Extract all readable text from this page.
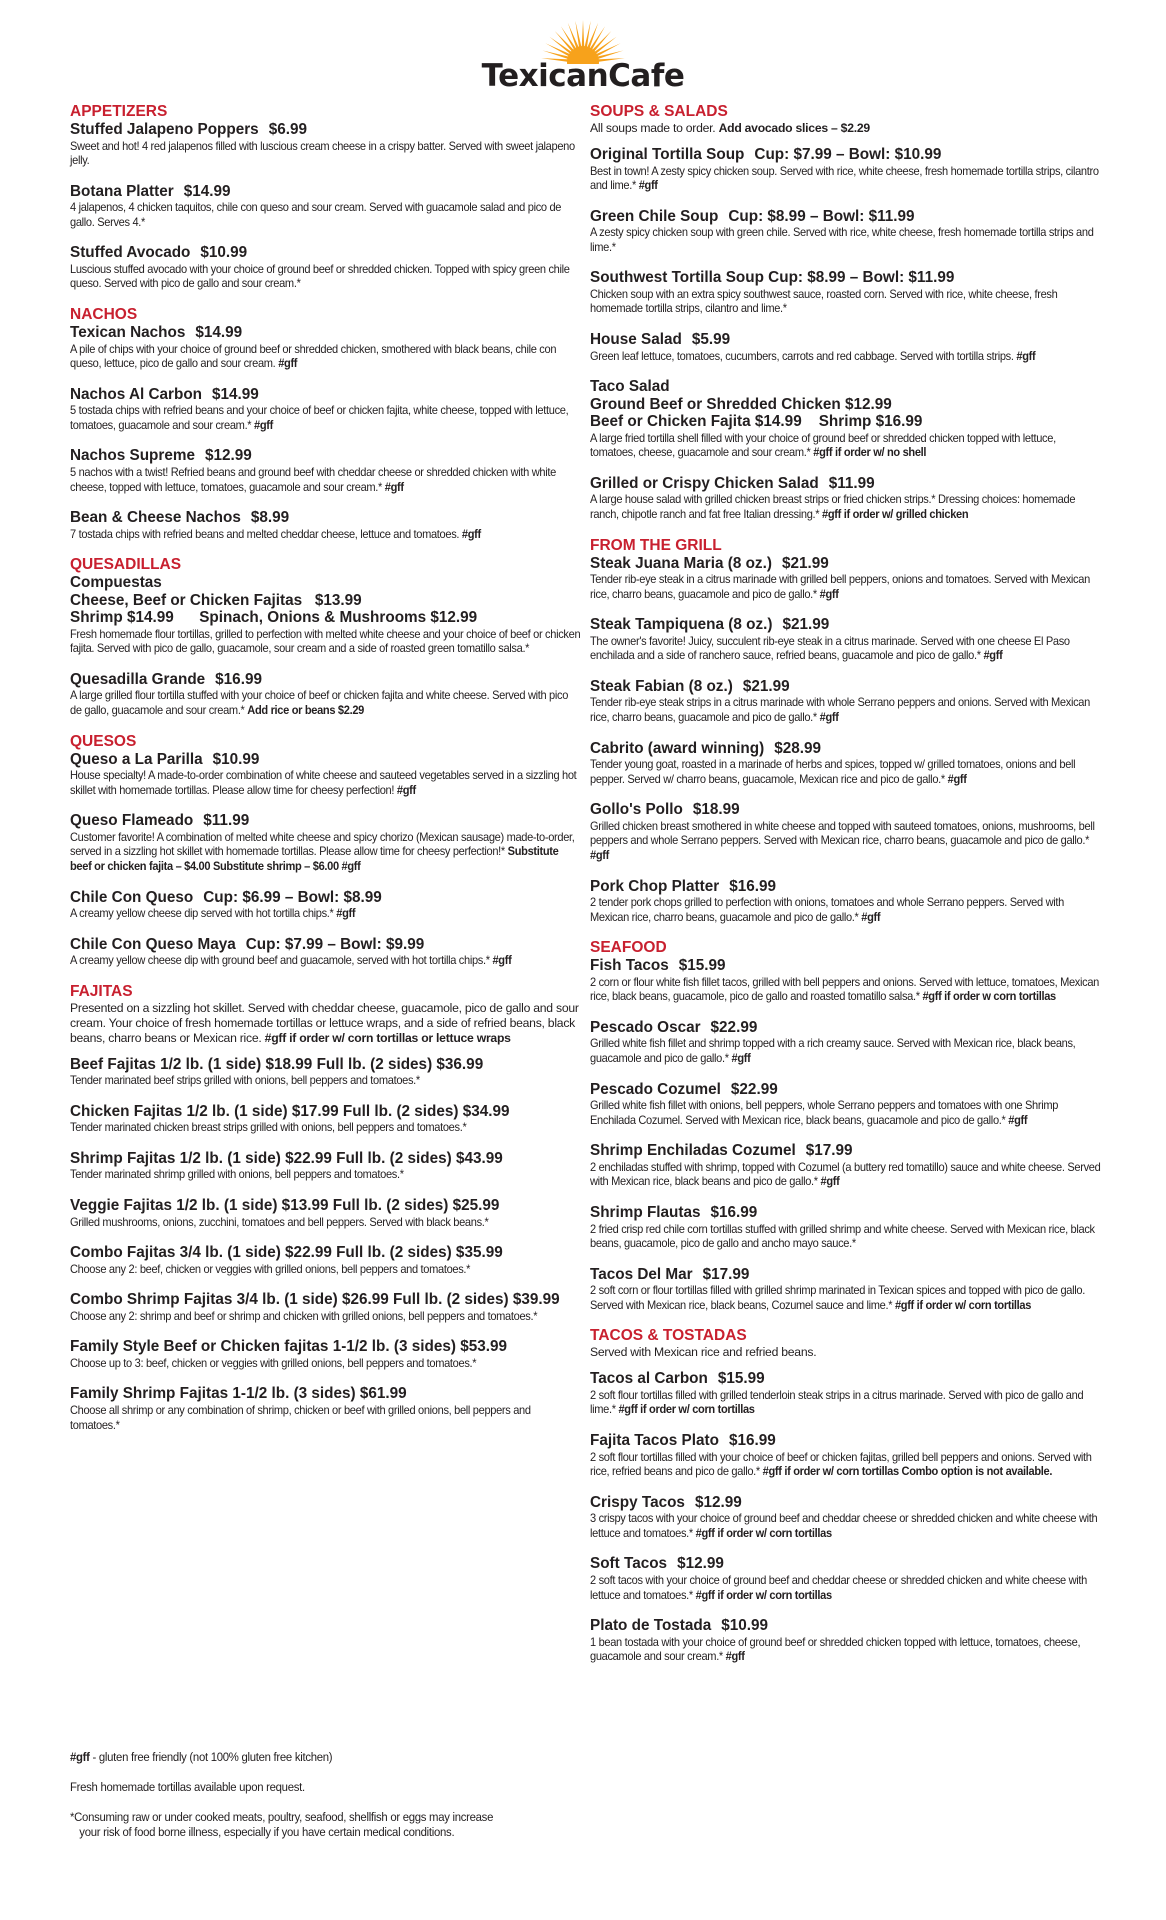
TexicanCafe
APPETIZERS
Stuffed Jalapeno Poppers $6.99
Sweet and hot! 4 red jalapenos filled with luscious cream cheese in a crispy batter. Served with sweet jalapeno jelly.
Botana Platter $14.99
4 jalapenos, 4 chicken taquitos, chile con queso and sour cream. Served with guacamole salad and pico de gallo. Serves 4.*
Stuffed Avocado $10.99
Luscious stuffed avocado with your choice of ground beef or shredded chicken. Topped with spicy green chile queso. Served with pico de gallo and sour cream.*
NACHOS
Texican Nachos $14.99
A pile of chips with your choice of ground beef or shredded chicken, smothered with black beans, chile con queso, lettuce, pico de gallo and sour cream. #gff
Nachos Al Carbon $14.99
5 tostada chips with refried beans and your choice of beef or chicken fajita, white cheese, topped with lettuce, tomatoes, guacamole and sour cream.* #gff
Nachos Supreme $12.99
5 nachos with a twist! Refried beans and ground beef with cheddar cheese or shredded chicken with white cheese, topped with lettuce, tomatoes, guacamole and sour cream.* #gff
Bean & Cheese Nachos $8.99
7 tostada chips with refried beans and melted cheddar cheese, lettuce and tomatoes. #gff
QUESADILLAS
Compuestas
Cheese, Beef or Chicken Fajitas   $13.99
Shrimp $14.99      Spinach, Onions & Mushrooms $12.99
Fresh homemade flour tortillas, grilled to perfection with melted white cheese and your choice of beef or chicken fajita. Served with pico de gallo, guacamole, sour cream and a side of roasted green tomatillo salsa.*
Quesadilla Grande $16.99
A large grilled flour tortilla stuffed with your choice of beef or chicken fajita and white cheese. Served with pico de gallo, guacamole and sour cream.* Add rice or beans $2.29
QUESOS
Queso a La Parilla $10.99
House specialty! A made-to-order combination of white cheese and sauteed vegetables served in a sizzling hot skillet with homemade tortillas. Please allow time for cheesy perfection! #gff
Queso Flameado $11.99
Customer favorite! A combination of melted white cheese and spicy chorizo (Mexican sausage) made-to-order, served in a sizzling hot skillet with homemade tortillas. Please allow time for cheesy perfection!* Substitute beef or chicken fajita – $4.00 Substitute shrimp – $6.00 #gff
Chile Con Queso Cup: $6.99 – Bowl: $8.99
A creamy yellow cheese dip served with hot tortilla chips.* #gff
Chile Con Queso Maya Cup: $7.99 – Bowl: $9.99
A creamy yellow cheese dip with ground beef and guacamole, served with hot tortilla chips.* #gff
FAJITAS
Presented on a sizzling hot skillet. Served with cheddar cheese, guacamole, pico de gallo and sour cream. Your choice of fresh homemade tortillas or lettuce wraps, and a side of refried beans, black beans, charro beans or Mexican rice. #gff if order w/ corn tortillas or lettuce wraps
Beef Fajitas 1/2 lb. (1 side) $18.99 Full lb. (2 sides) $36.99
Tender marinated beef strips grilled with onions, bell peppers and tomatoes.*
Chicken Fajitas 1/2 lb. (1 side) $17.99 Full lb. (2 sides) $34.99
Tender marinated chicken breast strips grilled with onions, bell peppers and tomatoes.*
Shrimp Fajitas 1/2 lb. (1 side) $22.99 Full lb. (2 sides) $43.99
Tender marinated shrimp grilled with onions, bell peppers and tomatoes.*
Veggie Fajitas 1/2 lb. (1 side) $13.99 Full lb. (2 sides) $25.99
Grilled mushrooms, onions, zucchini, tomatoes and bell peppers. Served with black beans.*
Combo Fajitas 3/4 lb. (1 side) $22.99 Full lb. (2 sides) $35.99
Choose any 2: beef, chicken or veggies with grilled onions, bell peppers and tomatoes.*
Combo Shrimp Fajitas 3/4 lb. (1 side) $26.99 Full lb. (2 sides) $39.99
Choose any 2: shrimp and beef or shrimp and chicken with grilled onions, bell peppers and tomatoes.*
Family Style Beef or Chicken fajitas 1-1/2 lb. (3 sides) $53.99
Choose up to 3: beef, chicken or veggies with grilled onions, bell peppers and tomatoes.*
Family Shrimp Fajitas 1-1/2 lb. (3 sides) $61.99
Choose all shrimp or any combination of shrimp, chicken or beef with grilled onions, bell peppers and tomatoes.*
SOUPS & SALADS
All soups made to order. Add avocado slices – $2.29
Original Tortilla Soup Cup: $7.99 – Bowl: $10.99
Best in town! A zesty spicy chicken soup. Served with rice, white cheese, fresh homemade tortilla strips, cilantro and lime.* #gff
Green Chile Soup Cup: $8.99 – Bowl: $11.99
A zesty spicy chicken soup with green chile. Served with rice, white cheese, fresh homemade tortilla strips and lime.*
Southwest Tortilla Soup Cup: $8.99 – Bowl: $11.99
Chicken soup with an extra spicy southwest sauce, roasted corn. Served with rice, white cheese, fresh homemade tortilla strips, cilantro and lime.*
House Salad $5.99
Green leaf lettuce, tomatoes, cucumbers, carrots and red cabbage. Served with tortilla strips. #gff
Taco Salad
Ground Beef or Shredded Chicken $12.99
Beef or Chicken Fajita $14.99    Shrimp $16.99
A large fried tortilla shell filled with your choice of ground beef or shredded chicken topped with lettuce, tomatoes, cheese, guacamole and sour cream.* #gff if order w/ no shell
Grilled or Crispy Chicken Salad $11.99
A large house salad with grilled chicken breast strips or fried chicken strips.* Dressing choices: homemade ranch, chipotle ranch and fat free Italian dressing.* #gff if order w/ grilled chicken
FROM THE GRILL
Steak Juana Maria (8 oz.) $21.99
Tender rib-eye steak in a citrus marinade with grilled bell peppers, onions and tomatoes. Served with Mexican rice, charro beans, guacamole and pico de gallo.* #gff
Steak Tampiquena (8 oz.) $21.99
The owner's favorite! Juicy, succulent rib-eye steak in a citrus marinade. Served with one cheese El Paso enchilada and a side of ranchero sauce, refried beans, guacamole and pico de gallo.* #gff
Steak Fabian (8 oz.) $21.99
Tender rib-eye steak strips in a citrus marinade with whole Serrano peppers and onions. Served with Mexican rice, charro beans, guacamole and pico de gallo.* #gff
Cabrito (award winning) $28.99
Tender young goat, roasted in a marinade of herbs and spices, topped w/ grilled tomatoes, onions and bell pepper. Served w/ charro beans, guacamole, Mexican rice and pico de gallo.* #gff
Gollo's Pollo $18.99
Grilled chicken breast smothered in white cheese and topped with sauteed tomatoes, onions, mushrooms, bell peppers and whole Serrano peppers. Served with Mexican rice, charro beans, guacamole and pico de gallo.* #gff
Pork Chop Platter $16.99
2 tender pork chops grilled to perfection with onions, tomatoes and whole Serrano peppers. Served with Mexican rice, charro beans, guacamole and pico de gallo.* #gff
SEAFOOD
Fish Tacos $15.99
2 corn or flour white fish fillet tacos, grilled with bell peppers and onions. Served with lettuce, tomatoes, Mexican rice, black beans, guacamole, pico de gallo and roasted tomatillo salsa.* #gff if order w corn tortillas
Pescado Oscar $22.99
Grilled white fish fillet and shrimp topped with a rich creamy sauce. Served with Mexican rice, black beans, guacamole and pico de gallo.* #gff
Pescado Cozumel $22.99
Grilled white fish fillet with onions, bell peppers, whole Serrano peppers and tomatoes with one Shrimp Enchilada Cozumel. Served with Mexican rice, black beans, guacamole and pico de gallo.* #gff
Shrimp Enchiladas Cozumel $17.99
2 enchiladas stuffed with shrimp, topped with Cozumel (a buttery red tomatillo) sauce and white cheese. Served with Mexican rice, black beans and pico de gallo.* #gff
Shrimp Flautas $16.99
2 fried crisp red chile corn tortillas stuffed with grilled shrimp and white cheese. Served with Mexican rice, black beans, guacamole, pico de gallo and ancho mayo sauce.*
Tacos Del Mar $17.99
2 soft corn or flour tortillas filled with grilled shrimp marinated in Texican spices and topped with pico de gallo. Served with Mexican rice, black beans, Cozumel sauce and lime.* #gff if order w/ corn tortillas
TACOS & TOSTADAS
Served with Mexican rice and refried beans.
Tacos al Carbon $15.99
2 soft flour tortillas filled with grilled tenderloin steak strips in a citrus marinade. Served with pico de gallo and lime.* #gff if order w/ corn tortillas
Fajita Tacos Plato $16.99
2 soft flour tortillas filled with your choice of beef or chicken fajitas, grilled bell peppers and onions. Served with rice, refried beans and pico de gallo.* #gff if order w/ corn tortillas Combo option is not available.
Crispy Tacos $12.99
3 crispy tacos with your choice of ground beef and cheddar cheese or shredded chicken and white cheese with lettuce and tomatoes.* #gff if order w/ corn tortillas
Soft Tacos $12.99
2 soft tacos with your choice of ground beef and cheddar cheese or shredded chicken and white cheese with lettuce and tomatoes.* #gff if order w/ corn tortillas
Plato de Tostada $10.99
1 bean tostada with your choice of ground beef or shredded chicken topped with lettuce, tomatoes, cheese, guacamole and sour cream.* #gff

#gff - gluten free friendly (not 100% gluten free kitchen)

Fresh homemade tortillas available upon request.

*Consuming raw or under cooked meats, poultry, seafood, shellfish or eggs may increase
your risk of food borne illness, especially if you have certain medical conditions.
